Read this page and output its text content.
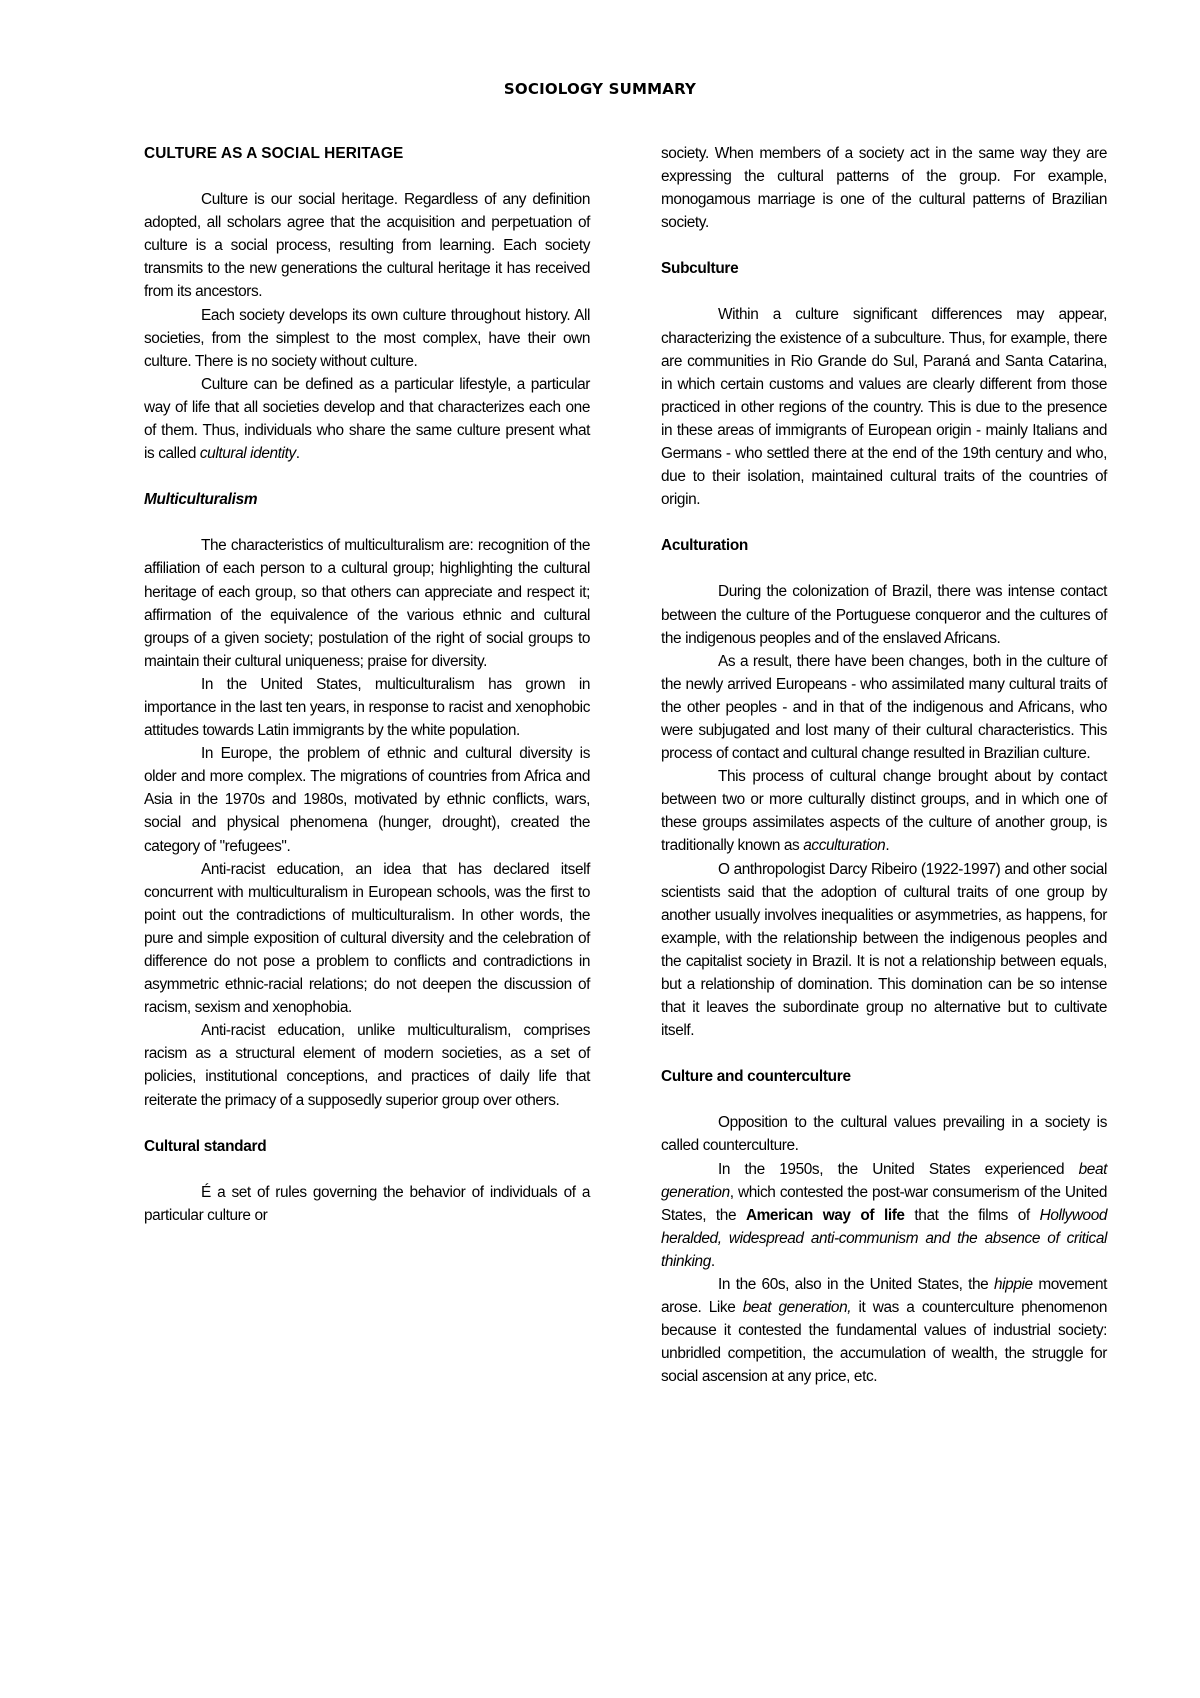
SOCIOLOGY SUMMARY
CULTURE AS A SOCIAL HERITAGE

Culture is our social heritage. Regardless of any definition adopted, all scholars agree that the acquisition and perpetuation of culture is a social process, resulting from learning. Each society transmits to the new generations the cultural heritage it has received from its ancestors.

Each society develops its own culture throughout history. All societies, from the simplest to the most complex, have their own culture. There is no society without culture.

Culture can be defined as a particular lifestyle, a particular way of life that all societies develop and that characterizes each one of them. Thus, individuals who share the same culture present what is called cultural identity.

Multiculturalism

The characteristics of multiculturalism are: recognition of the affiliation of each person to a cultural group; highlighting the cultural heritage of each group, so that others can appreciate and respect it; affirmation of the equivalence of the various ethnic and cultural groups of a given society; postulation of the right of social groups to maintain their cultural uniqueness; praise for diversity.

In the United States, multiculturalism has grown in importance in the last ten years, in response to racist and xenophobic attitudes towards Latin immigrants by the white population.

In Europe, the problem of ethnic and cultural diversity is older and more complex. The migrations of countries from Africa and Asia in the 1970s and 1980s, motivated by ethnic conflicts, wars, social and physical phenomena (hunger, drought), created the category of "refugees".

Anti-racist education, an idea that has declared itself concurrent with multiculturalism in European schools, was the first to point out the contradictions of multiculturalism. In other words, the pure and simple exposition of cultural diversity and the celebration of difference do not pose a problem to conflicts and contradictions in asymmetric ethnic-racial relations; do not deepen the discussion of racism, sexism and xenophobia.

Anti-racist education, unlike multiculturalism, comprises racism as a structural element of modern societies, as a set of policies, institutional conceptions, and practices of daily life that reiterate the primacy of a supposedly superior group over others.

Cultural standard

É a set of rules governing the behavior of individuals of a particular culture or

society. When members of a society act in the same way they are expressing the cultural patterns of the group. For example, monogamous marriage is one of the cultural patterns of Brazilian society.

Subculture

Within a culture significant differences may appear, characterizing the existence of a subculture. Thus, for example, there are communities in Rio Grande do Sul, Paraná and Santa Catarina, in which certain customs and values are clearly different from those practiced in other regions of the country. This is due to the presence in these areas of immigrants of European origin - mainly Italians and Germans - who settled there at the end of the 19th century and who, due to their isolation, maintained cultural traits of the countries of origin.

Aculturation

During the colonization of Brazil, there was intense contact between the culture of the Portuguese conqueror and the cultures of the indigenous peoples and of the enslaved Africans.

As a result, there have been changes, both in the culture of the newly arrived Europeans - who assimilated many cultural traits of the other peoples - and in that of the indigenous and Africans, who were subjugated and lost many of their cultural characteristics. This process of contact and cultural change resulted in Brazilian culture.

This process of cultural change brought about by contact between two or more culturally distinct groups, and in which one of these groups assimilates aspects of the culture of another group, is traditionally known as acculturation.

O anthropologist Darcy Ribeiro (1922-1997) and other social scientists said that the adoption of cultural traits of one group by another usually involves inequalities or asymmetries, as happens, for example, with the relationship between the indigenous peoples and the capitalist society in Brazil. It is not a relationship between equals, but a relationship of domination. This domination can be so intense that it leaves the subordinate group no alternative but to cultivate itself.

Culture and counterculture

Opposition to the cultural values prevailing in a society is called counterculture.

In the 1950s, the United States experienced beat generation, which contested the post-war consumerism of the United States, the American way of life that the films of Hollywood heralded, widespread anti-communism and the absence of critical thinking.

In the 60s, also in the United States, the hippie movement arose. Like beat generation, it was a counterculture phenomenon because it contested the fundamental values of industrial society: unbridled competition, the accumulation of wealth, the struggle for social ascension at any price, etc.
